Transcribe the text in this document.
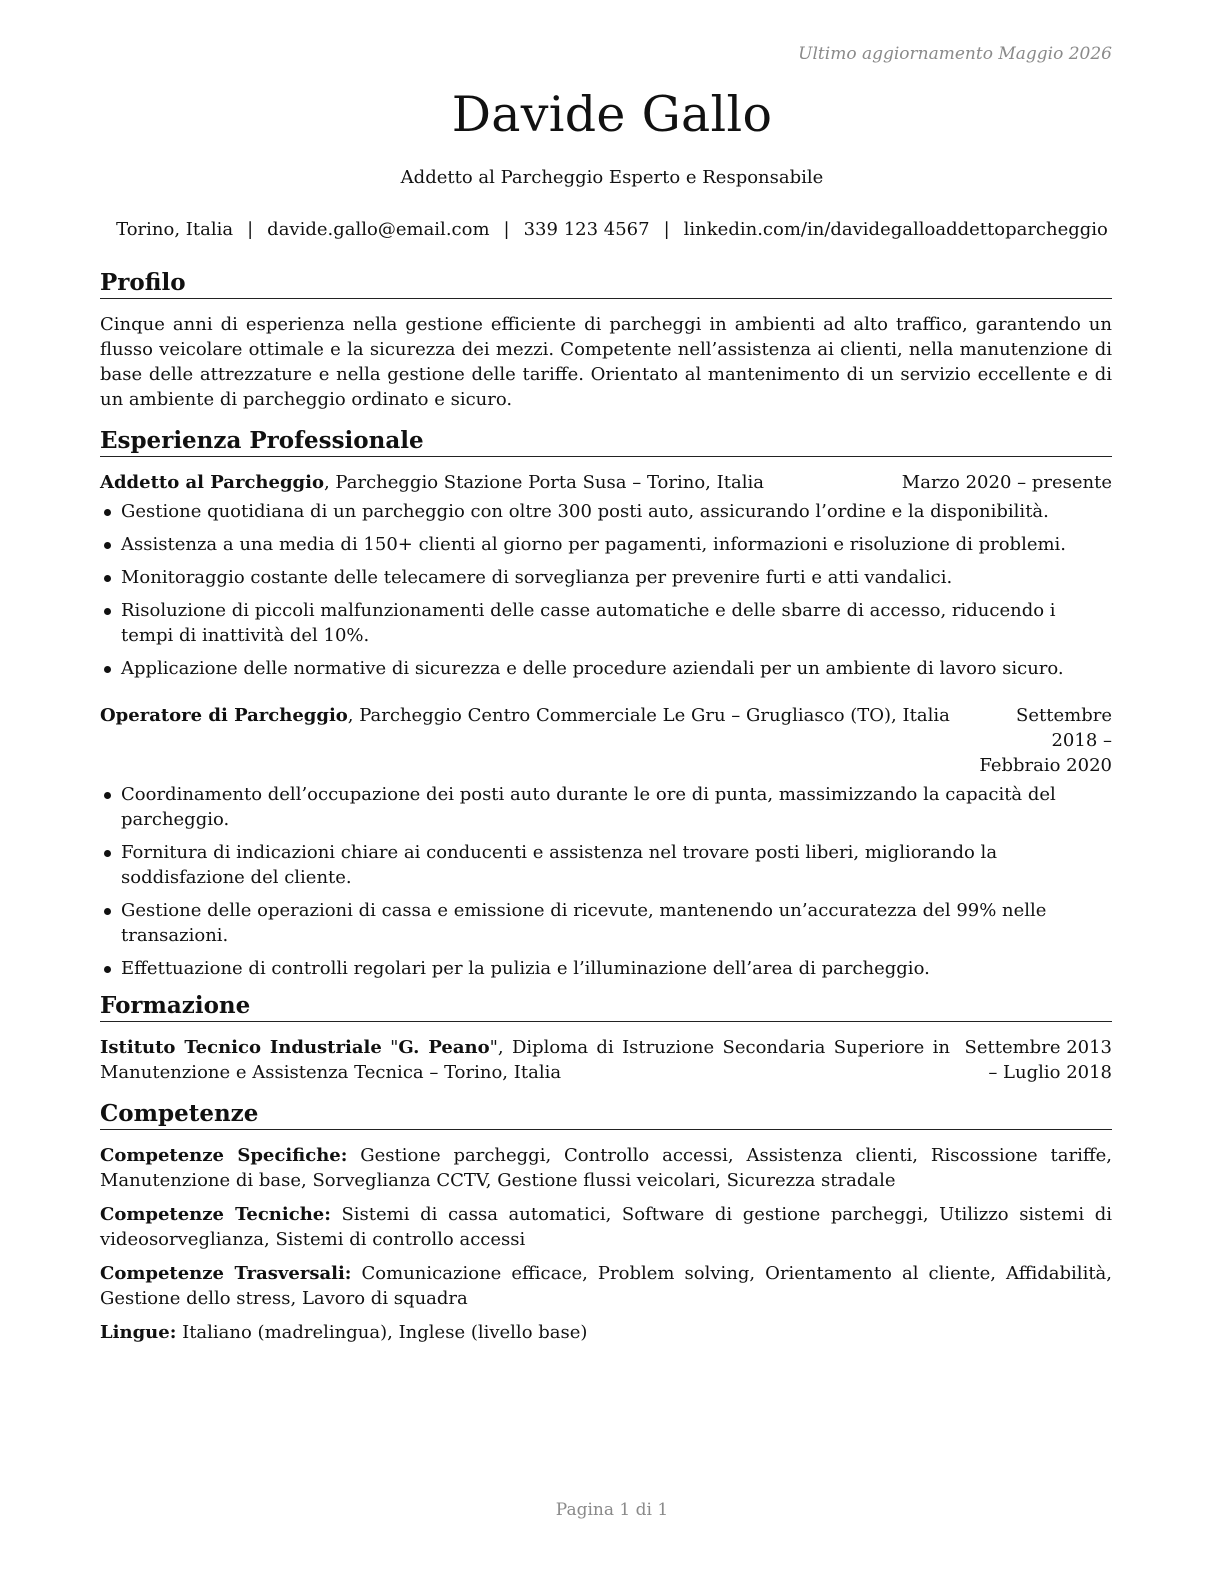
Ultimo aggiornamento Maggio 2026
Davide Gallo
Addetto al Parcheggio Esperto e Responsabile
Torino, Italia | davide.gallo@email.com | 339 123 4567 | linkedin.com/in/davidegalloaddettoparcheggio
Profilo
Cinque anni di esperienza nella gestione efficiente di parcheggi in ambienti ad alto traffico, garantendo un flusso veicolare ottimale e la sicurezza dei mezzi. Competente nell’assistenza ai clienti, nella manutenzione di base delle attrezzature e nella gestione delle tariffe. Orientato al mantenimento di un servizio eccellente e di un ambiente di parcheggio ordinato e sicuro.
Esperienza Professionale
Addetto al Parcheggio, Parcheggio Stazione Porta Susa – Torino, Italia	Marzo 2020 – presente
Gestione quotidiana di un parcheggio con oltre 300 posti auto, assicurando l’ordine e la disponibilità.
Assistenza a una media di 150+ clienti al giorno per pagamenti, informazioni e risoluzione di problemi.
Monitoraggio costante delle telecamere di sorveglianza per prevenire furti e atti vandalici.
Risoluzione di piccoli malfunzionamenti delle casse automatiche e delle sbarre di accesso, riducendo i tempi di inattività del 10%.
Applicazione delle normative di sicurezza e delle procedure aziendali per un ambiente di lavoro sicuro.
Operatore di Parcheggio, Parcheggio Centro Commerciale Le Gru – Grugliasco (TO), Italia	Settembre 2018 – Febbraio 2020
Coordinamento dell’occupazione dei posti auto durante le ore di punta, massimizzando la capacità del parcheggio.
Fornitura di indicazioni chiare ai conducenti e assistenza nel trovare posti liberi, migliorando la soddisfazione del cliente.
Gestione delle operazioni di cassa e emissione di ricevute, mantenendo un’accuratezza del 99% nelle transazioni.
Effettuazione di controlli regolari per la pulizia e l’illuminazione dell’area di parcheggio.
Formazione
Istituto Tecnico Industriale "G. Peano", Diploma di Istruzione Secondaria Superiore in Manutenzione e Assistenza Tecnica – Torino, Italia
Settembre 2013 – Luglio 2018
Competenze
Competenze Specifiche: Gestione parcheggi, Controllo accessi, Assistenza clienti, Riscossione tariffe, Manutenzione di base, Sorveglianza CCTV, Gestione flussi veicolari, Sicurezza stradale
Competenze Tecniche: Sistemi di cassa automatici, Software di gestione parcheggi, Utilizzo sistemi di videosorveglianza, Sistemi di controllo accessi
Competenze Trasversali: Comunicazione efficace, Problem solving, Orientamento al cliente, Affidabilità, Gestione dello stress, Lavoro di squadra
Lingue: Italiano (madrelingua), Inglese (livello base)
Pagina 1 di 1
